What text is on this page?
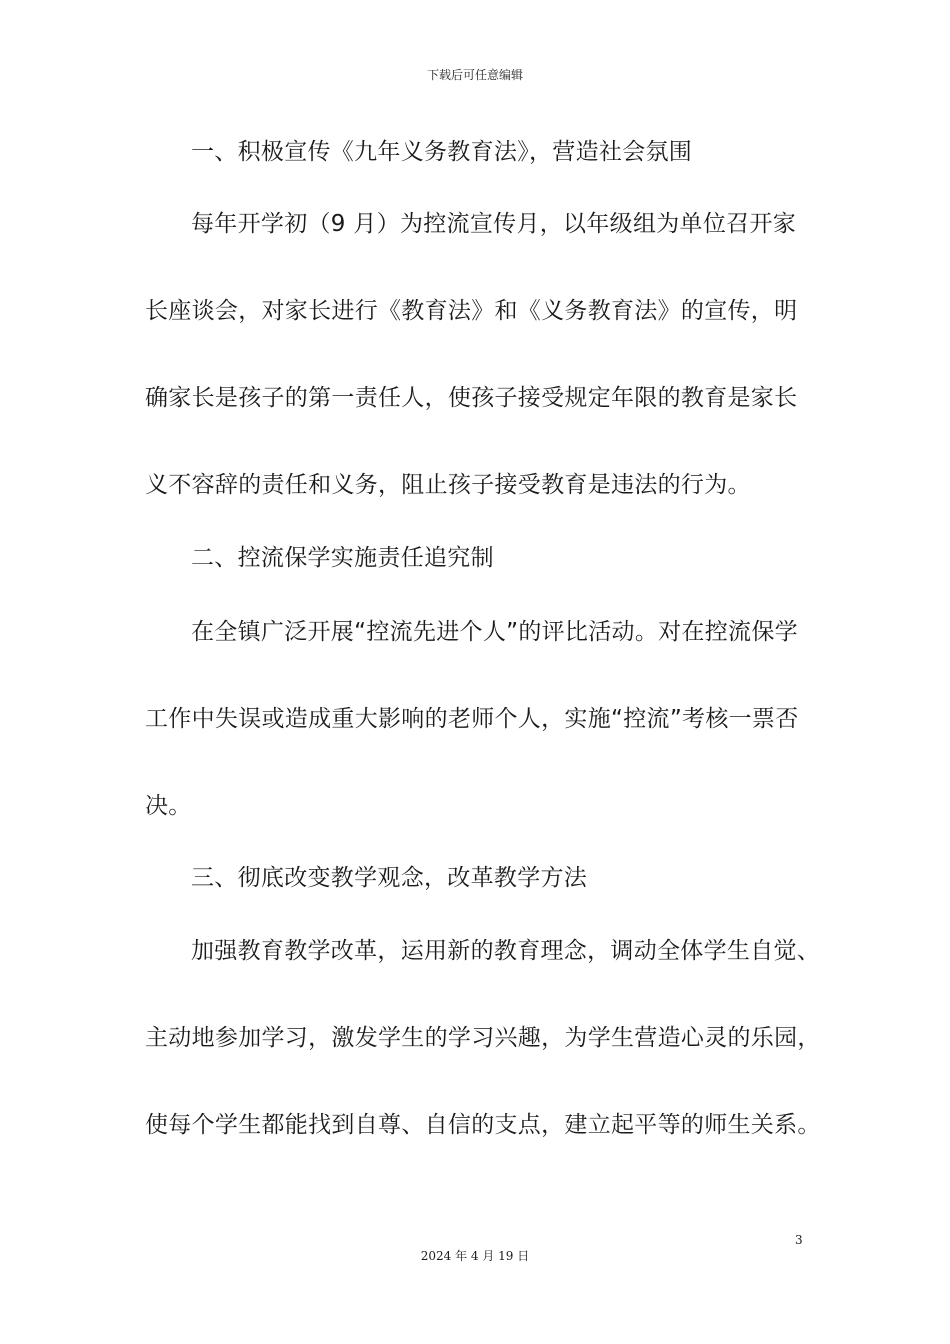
下载后可任意编辑
一、积极宣传《九年义务教育法》，营造社会氛围
每年开学初（9 月）为控流宣传月，以年级组为单位召开家
长座谈会，对家长进行《教育法》和《义务教育法》的宣传，明
确家长是孩子的第一责任人，使孩子接受规定年限的教育是家长
义不容辞的责任和义务，阻止孩子接受教育是违法的行为。
二、控流保学实施责任追究制
在全镇广泛开展“控流先进个人”的评比活动。对在控流保学
工作中失误或造成重大影响的老师个人，实施“控流”考核一票否
决。
三、彻底改变教学观念，改革教学方法
加强教育教学改革，运用新的教育理念，调动全体学生自觉、
主动地参加学习，激发学生的学习兴趣，为学生营造心灵的乐园，
使每个学生都能找到自尊、自信的支点，建立起平等的师生关系。
3
2024 年 4 月 19 日
